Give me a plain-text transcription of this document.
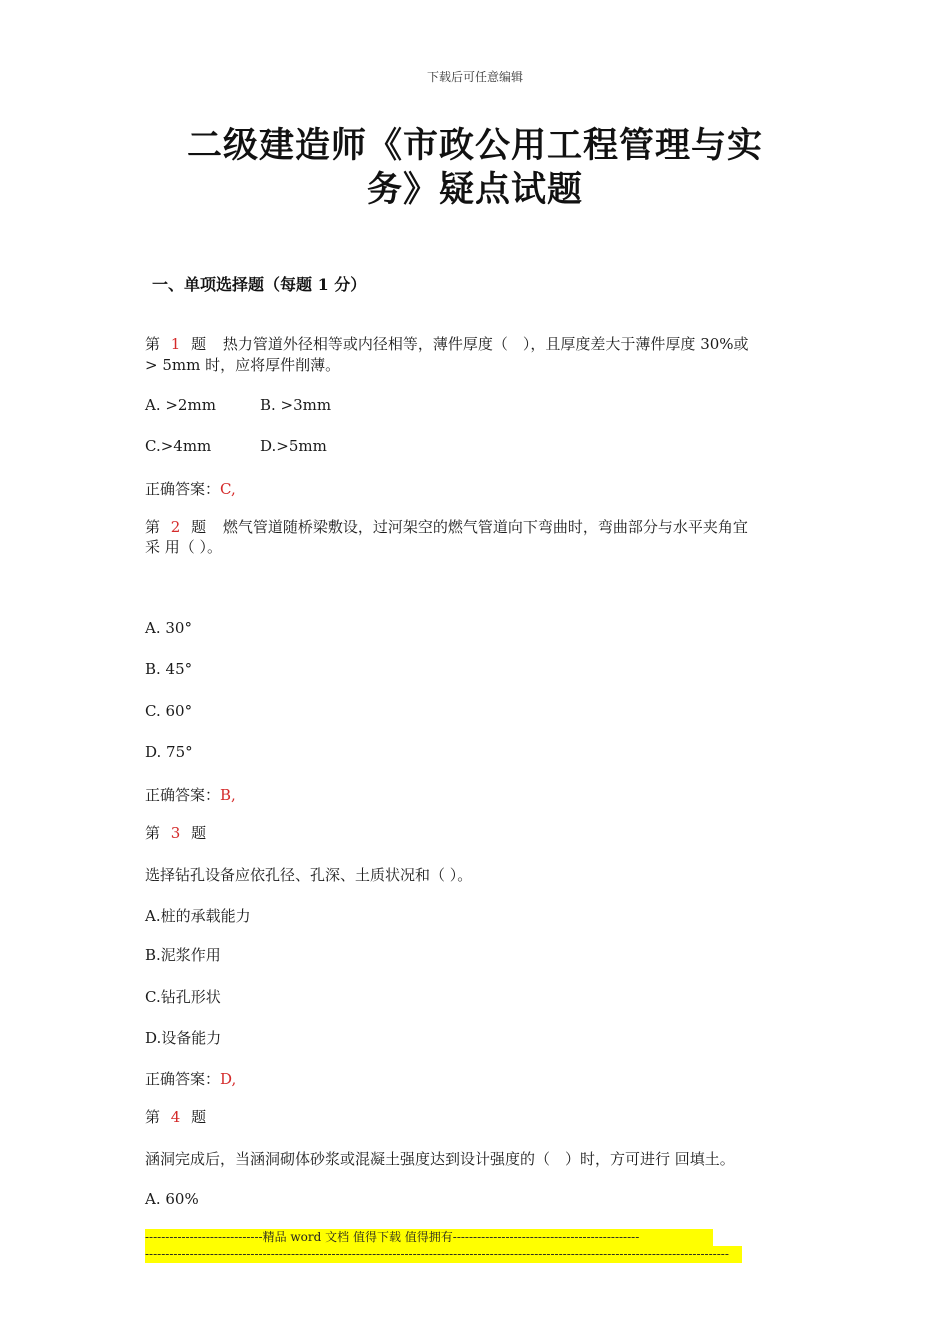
下载后可任意编辑
二级建造师《市政公用工程管理与实
务》疑点试题
一、单项选择题（每题 1 分）
第 1 题 热力管道外径相等或内径相等，薄件厚度（　），且厚度差大于薄件厚度 30%或
> 5mm 时，应将厚件削薄。
A. >2mm	B. >3mm
C.>4mm	D.>5mm
正确答案：C,
第 2 题 燃气管道随桥梁敷设，过河架空的燃气管道向下弯曲时，弯曲部分与水平夹角宜
采 用（ ）。
A. 30°
B. 45°
C. 60°
D. 75°
正确答案：B,
第 3 题
选择钻孔设备应依孔径、孔深、土质状况和（ ）。
A.桩的承载能力
B.泥浆作用
C.钻孔形状
D.设备能力
正确答案：D,
第 4 题
涵洞完成后，当涵洞砌体砂浆或混凝土强度达到设计强度的（　）时，方可进行 回填土。
A. 60%
-----------------------------精品 word 文档 值得下载 值得拥有----------------------------------------------
------------------------------------------------------------------------------------------------------------------------------------------------
